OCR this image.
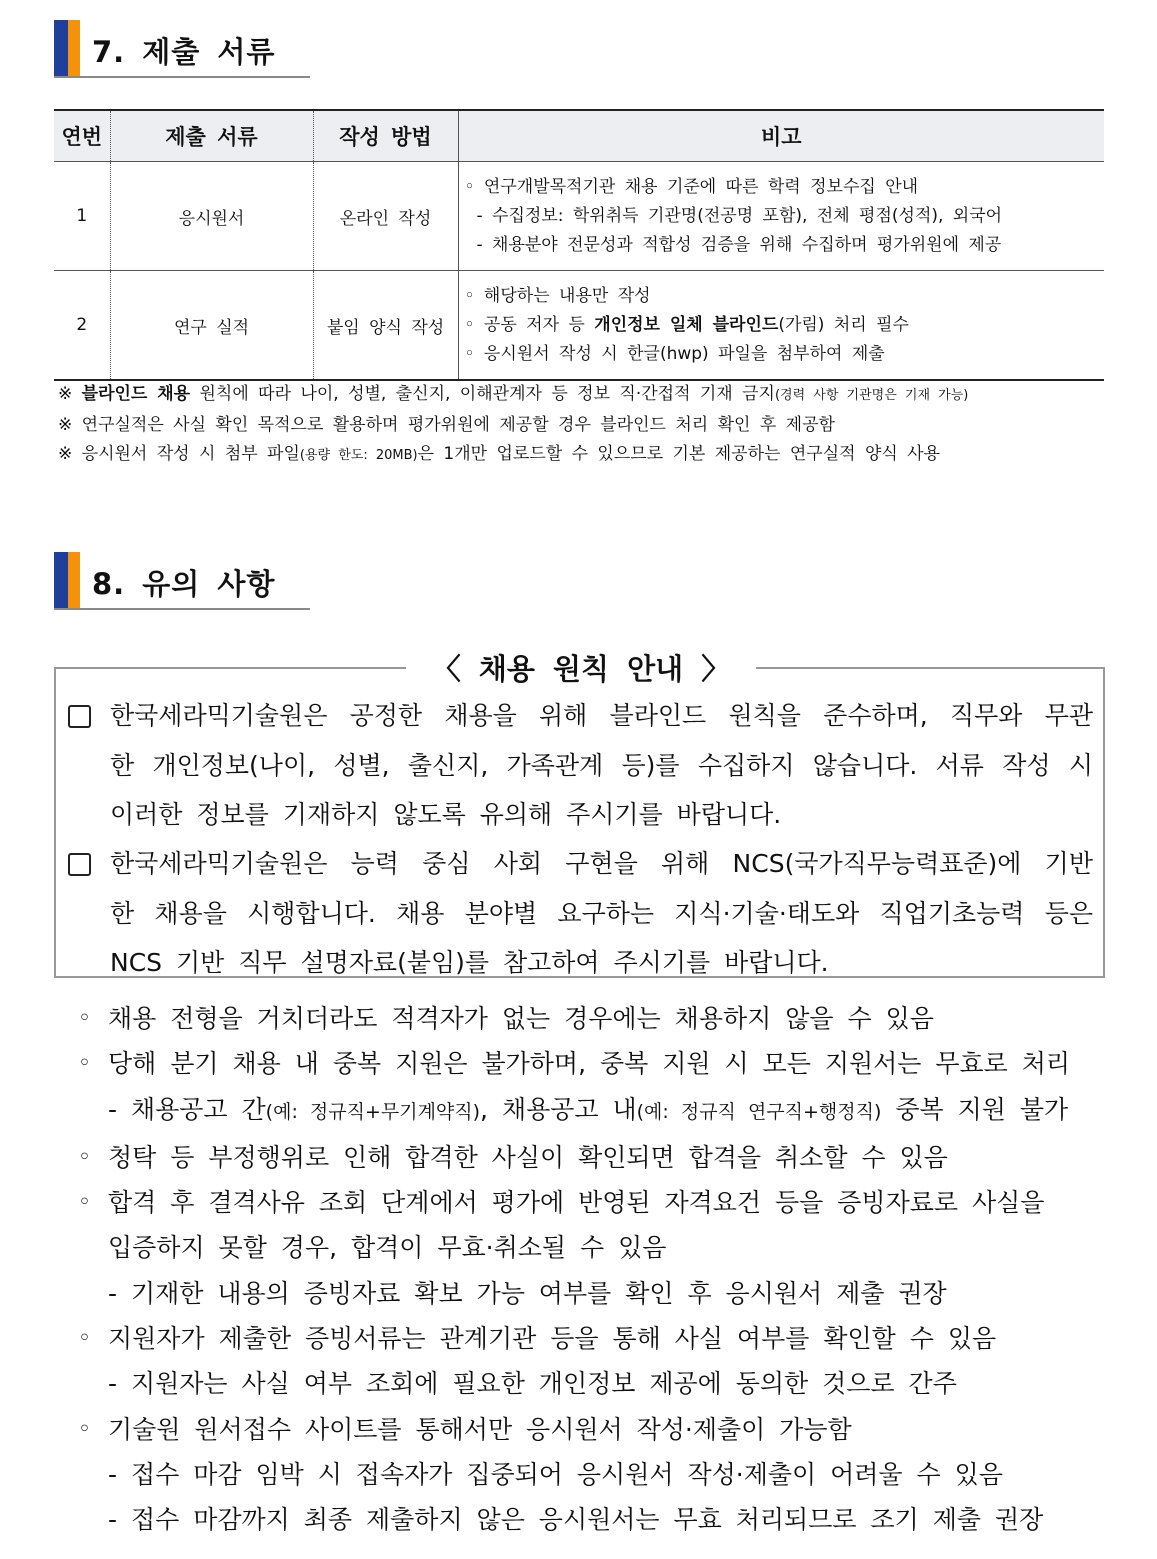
7. 제출 서류
연번	제출 서류	작성 방법	비고
1	응시원서	온라인 작성	◦ 연구개발목적기관 채용 기준에 따른 학력 정보수집 안내
- 수집정보: 학위취득 기관명(전공명 포함), 전체 평점(성적), 외국어
- 채용분야 전문성과 적합성 검증을 위해 수집하며 평가위원에 제공

2	연구 실적	붙임 양식 작성	◦ 해당하는 내용만 작성
◦ 공동 저자 등 개인정보 일체 블라인드(가림) 처리 필수
◦ 응시원서 작성 시 한글(hwp) 파일을 첨부하여 제출
※ 블라인드 채용 원칙에 따라 나이, 성별, 출신지, 이해관계자 등 정보 직·간접적 기재 금지(경력 사항 기관명은 기재 가능)
※ 연구실적은 사실 확인 목적으로 활용하며 평가위원에 제공할 경우 블라인드 처리 확인 후 제공함
※ 응시원서 작성 시 첨부 파일(용량 한도: 20MB)은 1개만 업로드할 수 있으므로 기본 제공하는 연구실적 양식 사용
8. 유의 사항
〈 채용 원칙 안내 〉
한국세라믹기술원은 공정한 채용을 위해 블라인드 원칙을 준수하며, 직무와 무관
한 개인정보(나이, 성별, 출신지, 가족관계 등)를 수집하지 않습니다. 서류 작성 시
이러한 정보를 기재하지 않도록 유의해 주시기를 바랍니다.
한국세라믹기술원은 능력 중심 사회 구현을 위해 NCS(국가직무능력표준)에 기반
한 채용을 시행합니다. 채용 분야별 요구하는 지식·기술·태도와 직업기초능력 등은
NCS 기반 직무 설명자료(붙임)를 참고하여 주시기를 바랍니다.
◦ 채용 전형을 거치더라도 적격자가 없는 경우에는 채용하지 않을 수 있음
◦ 당해 분기 채용 내 중복 지원은 불가하며, 중복 지원 시 모든 지원서는 무효로 처리
- 채용공고 간(예: 정규직+무기계약직), 채용공고 내(예: 정규직 연구직+행정직) 중복 지원 불가
◦ 청탁 등 부정행위로 인해 합격한 사실이 확인되면 합격을 취소할 수 있음
◦ 합격 후 결격사유 조회 단계에서 평가에 반영된 자격요건 등을 증빙자료로 사실을
입증하지 못할 경우, 합격이 무효·취소될 수 있음
- 기재한 내용의 증빙자료 확보 가능 여부를 확인 후 응시원서 제출 권장
◦ 지원자가 제출한 증빙서류는 관계기관 등을 통해 사실 여부를 확인할 수 있음
- 지원자는 사실 여부 조회에 필요한 개인정보 제공에 동의한 것으로 간주
◦ 기술원 원서접수 사이트를 통해서만 응시원서 작성·제출이 가능함
- 접수 마감 임박 시 접속자가 집중되어 응시원서 작성·제출이 어려울 수 있음
- 접수 마감까지 최종 제출하지 않은 응시원서는 무효 처리되므로 조기 제출 권장
